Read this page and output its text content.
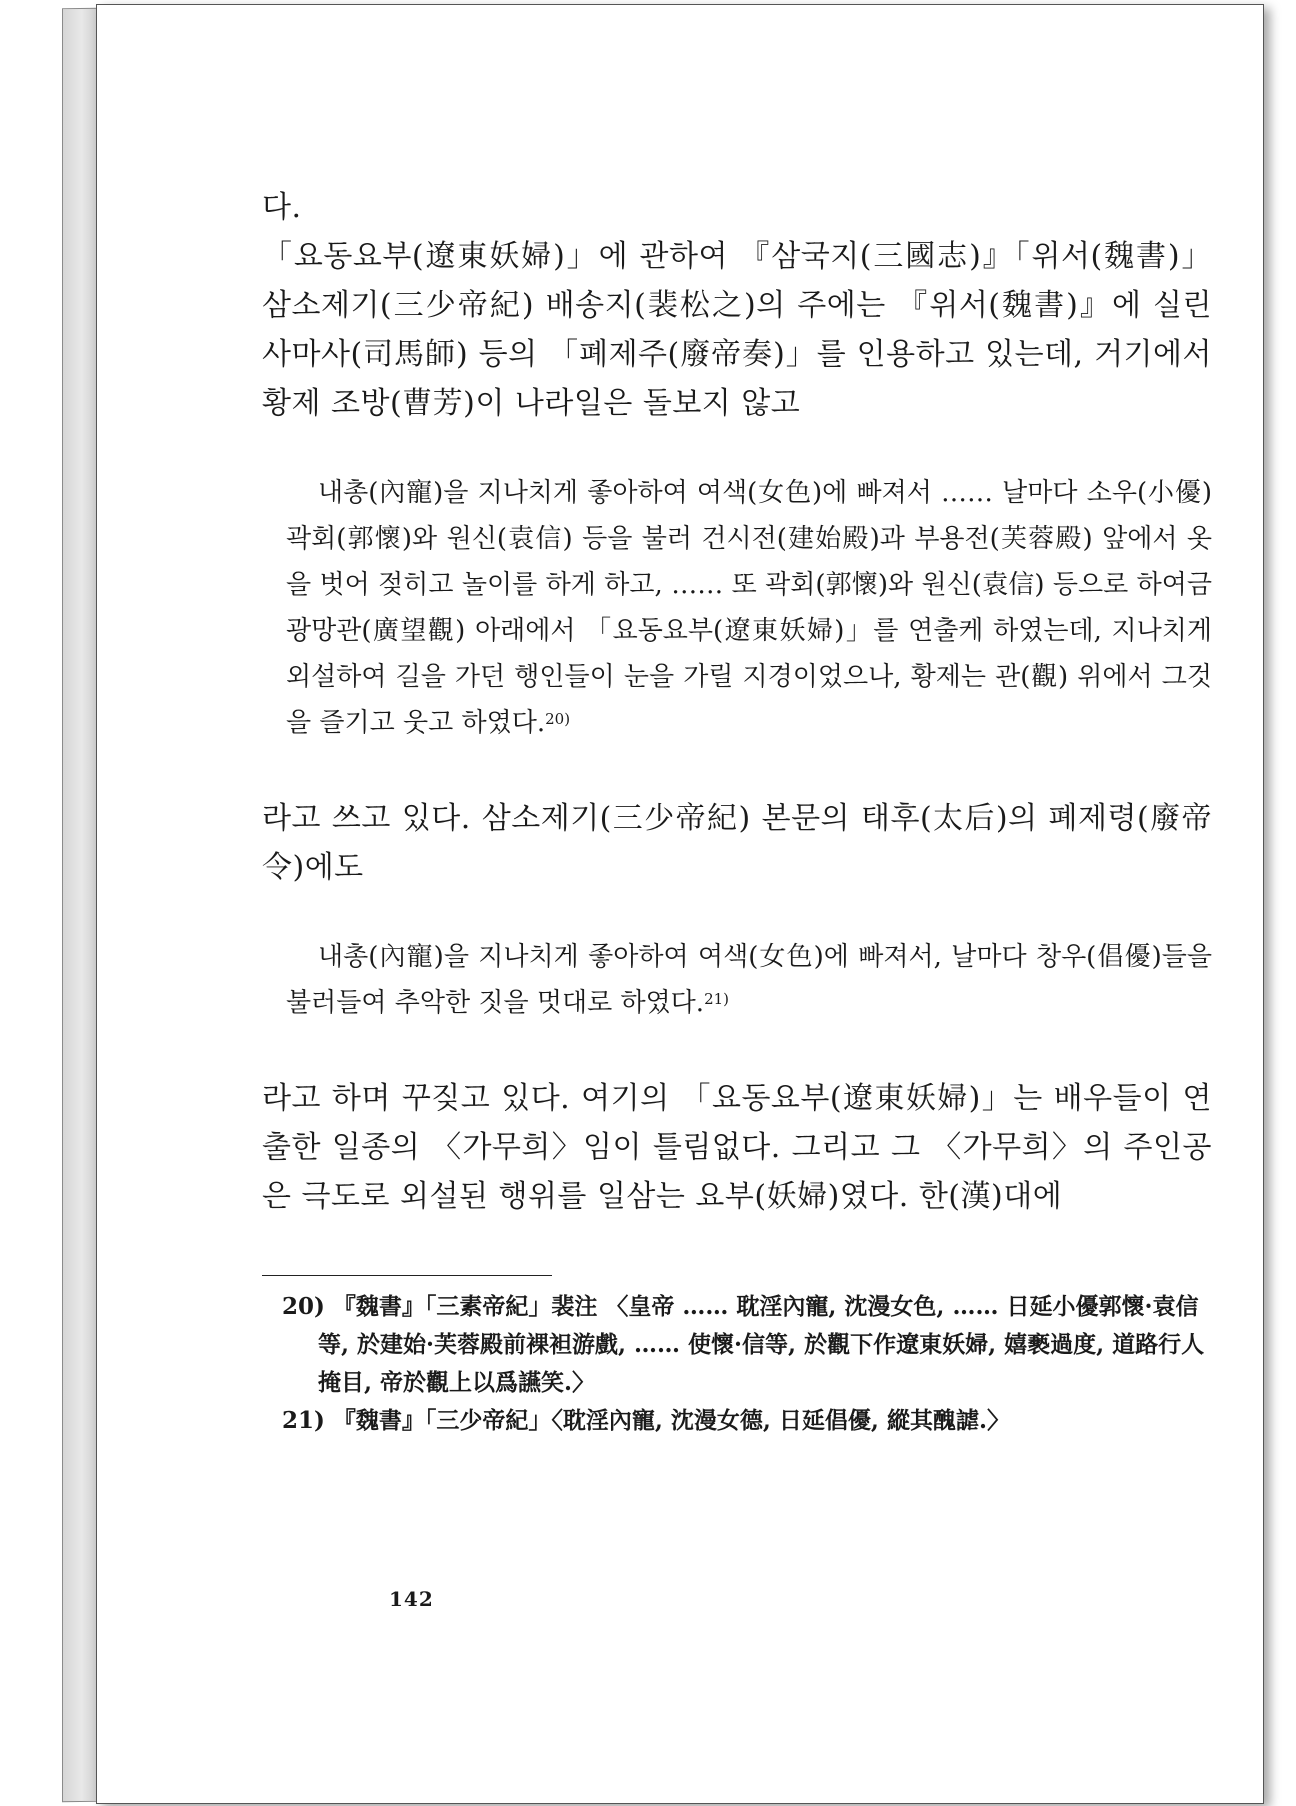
다.

「요동요부(遼東妖婦)」에 관하여 『삼국지(三國志)』「위서(魏書)」 삼소제기(三少帝紀) 배송지(裴松之)의 주에는 『위서(魏書)』에 실린 사마사(司馬師) 등의 「폐제주(廢帝奏)」를 인용하고 있는데, 거기에서 황제 조방(曹芳)이 나라일은 돌보지 않고

내총(內寵)을 지나치게 좋아하여 여색(女色)에 빠져서 …… 날마다 소우(小優) 곽회(郭懷)와 원신(袁信) 등을 불러 건시전(建始殿)과 부용전(芙蓉殿) 앞에서 옷을 벗어 젖히고 놀이를 하게 하고, …… 또 곽회(郭懷)와 원신(袁信) 등으로 하여금 광망관(廣望觀) 아래에서 「요동요부(遼東妖婦)」를 연출케 하였는데, 지나치게 외설하여 길을 가던 행인들이 눈을 가릴 지경이었으나, 황제는 관(觀) 위에서 그것을 즐기고 웃고 하였다.$^{20)}$

라고 쓰고 있다. 삼소제기(三少帝紀) 본문의 태후(太后)의 폐제령(廢帝令)에도

내총(內寵)을 지나치게 좋아하여 여색(女色)에 빠져서, 날마다 창우(倡優)들을 불러들여 추악한 짓을 멋대로 하였다.$^{21)}$

라고 하며 꾸짖고 있다. 여기의 「요동요부(遼東妖婦)」는 배우들이 연출한 일종의 〈가무희〉임이 틀림없다. 그리고 그 〈가무희〉의 주인공은 극도로 외설된 행위를 일삼는 요부(妖婦)였다. 한(漢)대에

20) 『魏書』「三素帝紀」裴注 〈皇帝 …… 耽淫內寵, 沈漫女色, …… 日延小優郭懷·袁信等, 於建始·芙蓉殿前裸袒游戲, …… 使懷·信等, 於觀下作遼東妖婦, 嬉褻過度, 道路行人掩目, 帝於觀上以爲讌笑.〉

21) 『魏書』「三少帝紀」〈耽淫內寵, 沈漫女德, 日延倡優, 縱其醜謔.〉

142
